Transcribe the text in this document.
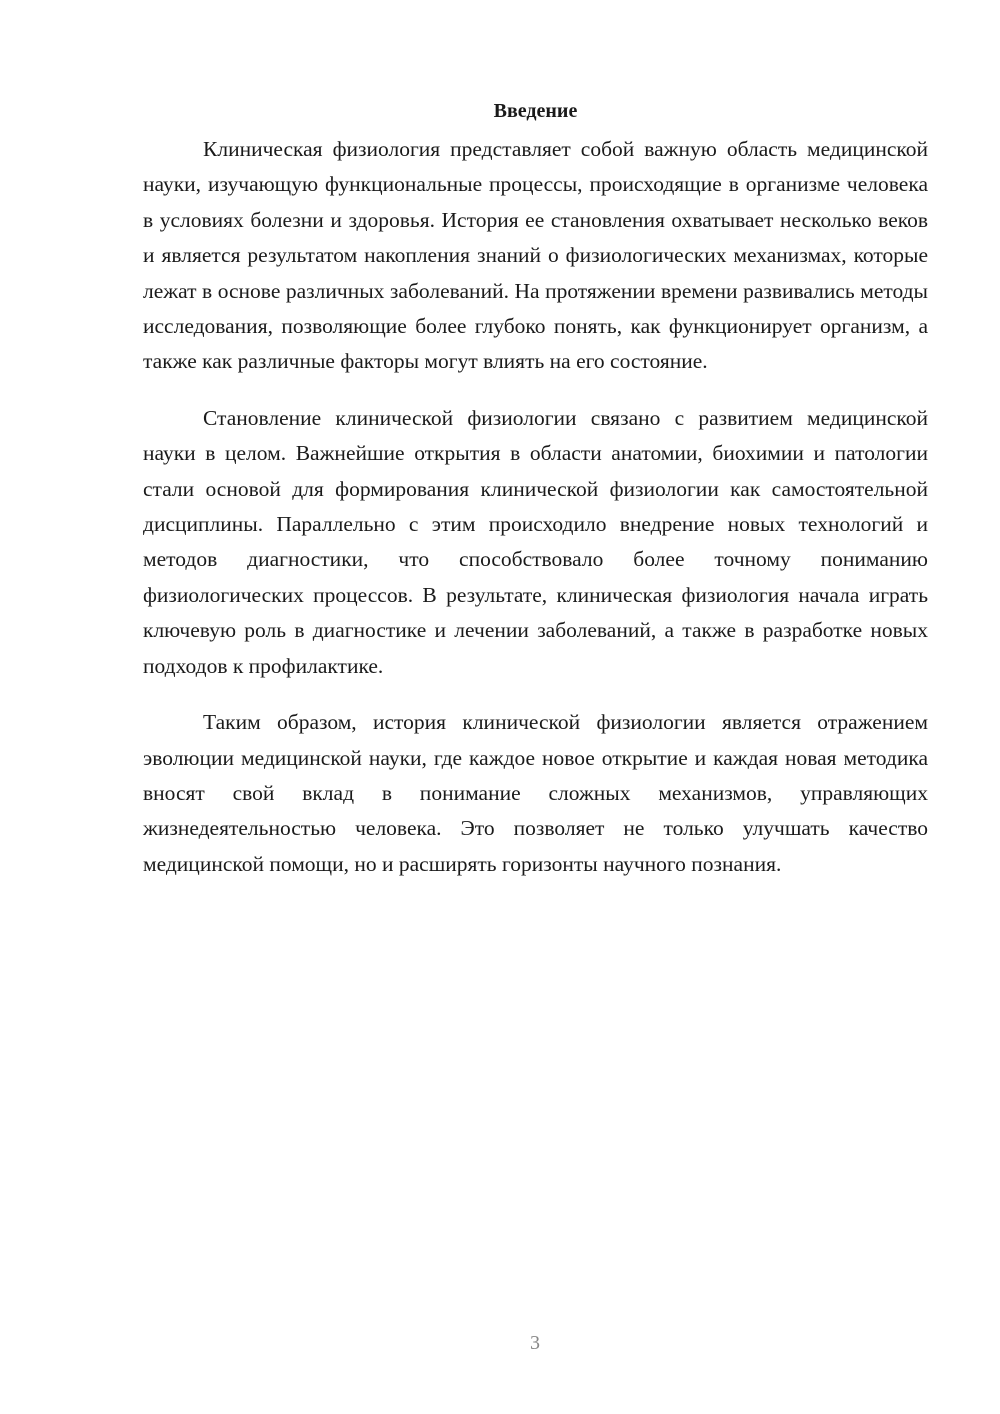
Введение

Клиническая физиология представляет собой важную область медицинской науки, изучающую функциональные процессы, происходящие в организме человека в условиях болезни и здоровья. История ее становления охватывает несколько веков и является результатом накопления знаний о физиологических механизмах, которые лежат в основе различных заболеваний. На протяжении времени развивались методы исследования, позволяющие более глубоко понять, как функционирует организм, а также как различные факторы могут влиять на его состояние.

Становление клинической физиологии связано с развитием медицинской науки в целом. Важнейшие открытия в области анатомии, биохимии и патологии стали основой для формирования клинической физиологии как самостоятельной дисциплины. Параллельно с этим происходило внедрение новых технологий и методов диагностики, что способствовало более точному пониманию физиологических процессов. В результате, клиническая физиология начала играть ключевую роль в диагностике и лечении заболеваний, а также в разработке новых подходов к профилактике.

Таким образом, история клинической физиологии является отражением эволюции медицинской науки, где каждое новое открытие и каждая новая методика вносят свой вклад в понимание сложных механизмов, управляющих жизнедеятельностью человека. Это позволяет не только улучшать качество медицинской помощи, но и расширять горизонты научного познания.

3
